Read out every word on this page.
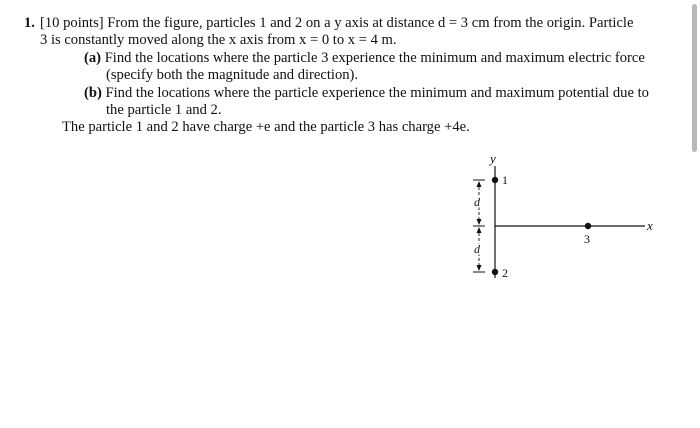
1. [10 points] From the figure, particles 1 and 2 on a y axis at distance d = 3 cm from the origin. Particle
3 is constantly moved along the x axis from x = 0 to x = 4 m.
(a) Find the locations where the particle 3 experience the minimum and maximum electric force
(specify both the magnitude and direction).
(b) Find the locations where the particle experience the minimum and maximum potential due to
the particle 1 and 2.
The particle 1 and 2 have charge +e and the particle 3 has charge +4e.
y
x
1
2
3
d
d
